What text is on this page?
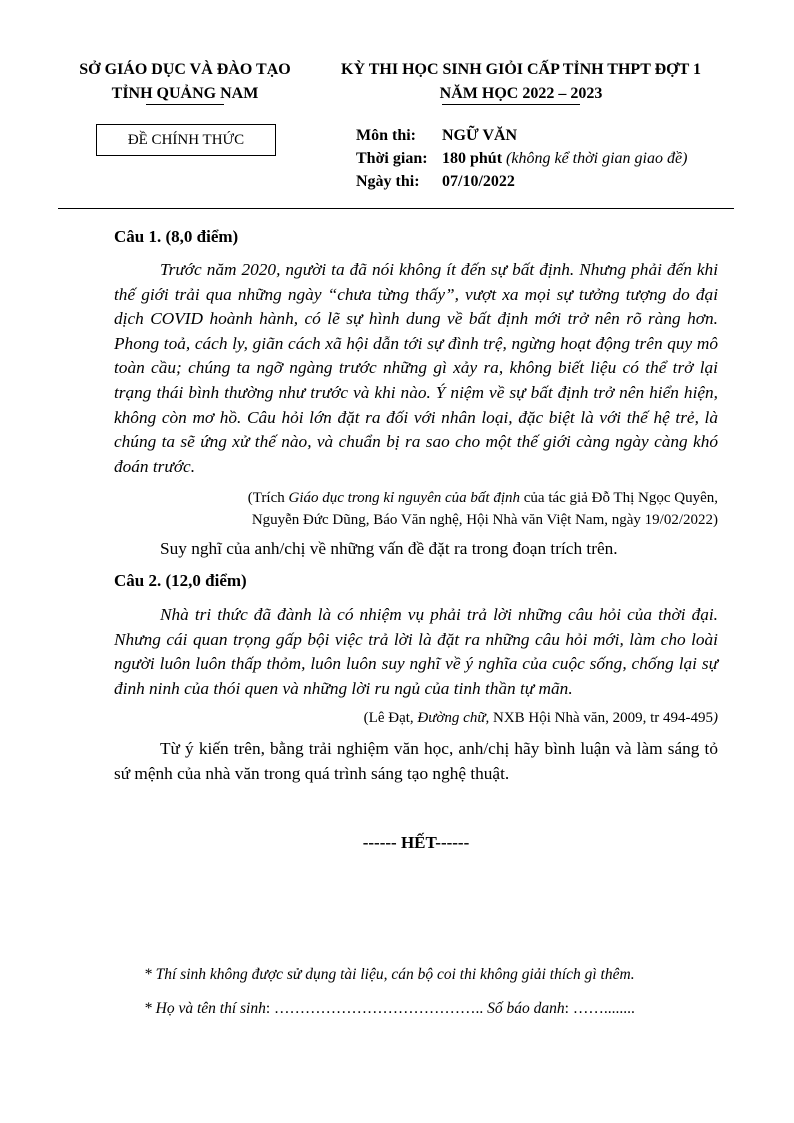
SỞ GIÁO DỤC VÀ ĐÀO TẠO
TỈNH QUẢNG NAM
KỲ THI HỌC SINH GIỎI CẤP TỈNH THPT ĐỢT 1
NĂM HỌC 2022 – 2023
ĐỀ CHÍNH THỨC	Môn thi: NGỮ VĂN
Thời gian: 180 phút (không kể thời gian giao đề)
Ngày thi: 07/10/2022
Câu 1. (8,0 điểm)
Trước năm 2020, người ta đã nói không ít đến sự bất định. Nhưng phải đến khi thế giới trải qua những ngày “chưa từng thấy”, vượt xa mọi sự tưởng tượng do đại dịch COVID hoành hành, có lẽ sự hình dung về bất định mới trở nên rõ ràng hơn. Phong toả, cách ly, giãn cách xã hội dẫn tới sự đình trệ, ngừng hoạt động trên quy mô toàn cầu; chúng ta ngỡ ngàng trước những gì xảy ra, không biết liệu có thể trở lại trạng thái bình thường như trước và khi nào. Ý niệm về sự bất định trở nên hiển hiện, không còn mơ hồ. Câu hỏi lớn đặt ra đối với nhân loại, đặc biệt là với thế hệ trẻ, là chúng ta sẽ ứng xử thế nào, và chuẩn bị ra sao cho một thế giới càng ngày càng khó đoán trước.
(Trích Giáo dục trong kỉ nguyên của bất định của tác giả Đỗ Thị Ngọc Quyên,
Nguyễn Đức Dũng, Báo Văn nghệ, Hội Nhà văn Việt Nam, ngày 19/02/2022)
Suy nghĩ của anh/chị về những vấn đề đặt ra trong đoạn trích trên.
Câu 2. (12,0 điểm)
Nhà tri thức đã đành là có nhiệm vụ phải trả lời những câu hỏi của thời đại. Nhưng cái quan trọng gấp bội việc trả lời là đặt ra những câu hỏi mới, làm cho loài người luôn luôn thấp thỏm, luôn luôn suy nghĩ về ý nghĩa của cuộc sống, chống lại sự đinh ninh của thói quen và những lời ru ngủ của tinh thần tự mãn.
(Lê Đạt, Đường chữ, NXB Hội Nhà văn, 2009, tr 494-495)
Từ ý kiến trên, bằng trải nghiệm văn học, anh/chị hãy bình luận và làm sáng tỏ sứ mệnh của nhà văn trong quá trình sáng tạo nghệ thuật.
------ HẾT------
* Thí sinh không được sử dụng tài liệu, cán bộ coi thi không giải thích gì thêm.
* Họ và tên thí sinh: ………………………………….. Số báo danh: ……........
